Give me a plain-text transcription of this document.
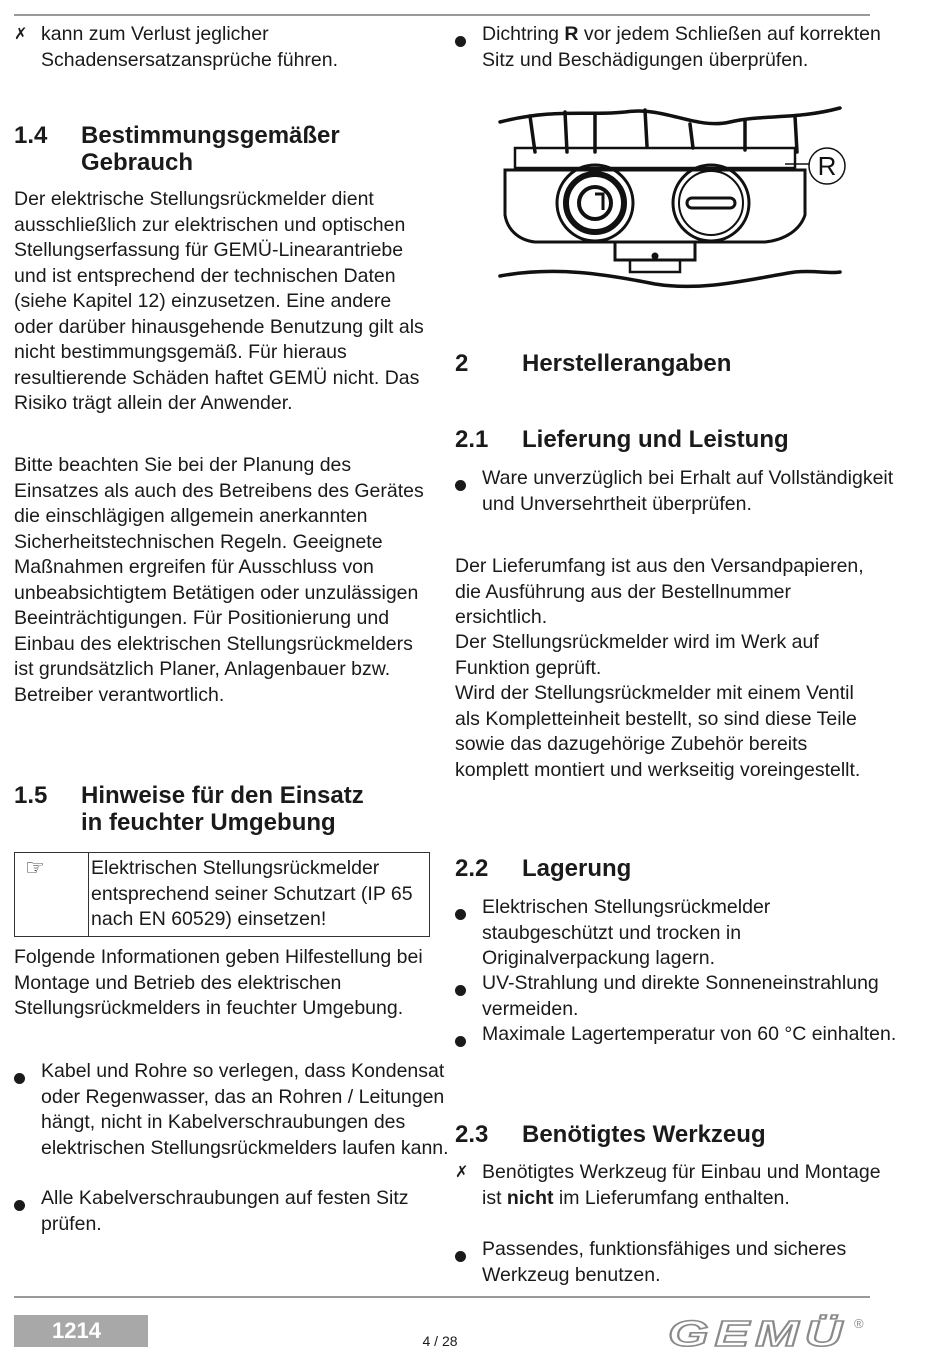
✗ kann zum Verlust jeglicher Schadensersatzansprüche führen.
1.4 Bestimmungsgemäßer
Gebrauch

Der elektrische Stellungsrückmelder dient ausschließlich zur elektrischen und optischen Stellungserfassung für GEMÜ-Linearantriebe und ist entsprechend der technischen Daten (siehe Kapitel 12) einzusetzen. Eine andere oder darüber hinausgehende Benutzung gilt als nicht bestimmungsgemäß. Für hieraus resultierende Schäden haftet GEMÜ nicht. Das Risiko trägt allein der Anwender.

Bitte beachten Sie bei der Planung des Einsatzes als auch des Betreibens des Gerätes die einschlägigen allgemein anerkannten Sicherheitstechnischen Regeln. Geeignete Maßnahmen ergreifen für Ausschluss von unbeabsichtigtem Betätigen oder unzulässigen Beeinträchtigungen. Für Positionierung und Einbau des elektrischen Stellungsrückmelders ist grundsätzlich Planer, Anlagenbauer bzw. Betreiber verantwortlich.

1.5 Hinweise für den Einsatz
in feuchter Umgebung
☞	Elektrischen Stellungsrückmelder entsprechend seiner Schutzart (IP 65 nach EN 60529) einsetzen!

Folgende Informationen geben Hilfestellung bei Montage und Betrieb des elektrischen Stellungsrückmelders in feuchter Umgebung.

Kabel und Rohre so verlegen, dass Kondensat oder Regenwasser, das an Rohren / Leitungen hängt, nicht in Kabelverschraubungen des elektrischen Stellungsrückmelders laufen kann.
Alle Kabelverschraubungen auf festen Sitz prüfen.
Dichtring R vor jedem Schließen auf korrekten Sitz und Beschädigungen überprüfen.
R
2 Herstellerangaben
2.1 Lieferung und Leistung
Ware unverzüglich bei Erhalt auf Vollständigkeit und Unversehrtheit überprüfen.

Der Lieferumfang ist aus den Versandpapieren, die Ausführung aus der Bestellnummer ersichtlich.

Der Stellungsrückmelder wird im Werk auf Funktion geprüft.

Wird der Stellungsrückmelder mit einem Ventil als Kompletteinheit bestellt, so sind diese Teile sowie das dazugehörige Zubehör bereits komplett montiert und werkseitig voreingestellt.

2.2 Lagerung
Elektrischen Stellungsrückmelder staubgeschützt und trocken in Originalverpackung lagern.
UV-Strahlung und direkte Sonneneinstrahlung vermeiden.
Maximale Lagertemperatur von 60 °C einhalten.
2.3 Benötigtes Werkzeug
✗ Benötigtes Werkzeug für Einbau und Montage ist nicht im Lieferumfang enthalten.
Passendes, funktionsfähiges und sicheres Werkzeug benutzen.
1214	4 / 28	GEMÜ ®
